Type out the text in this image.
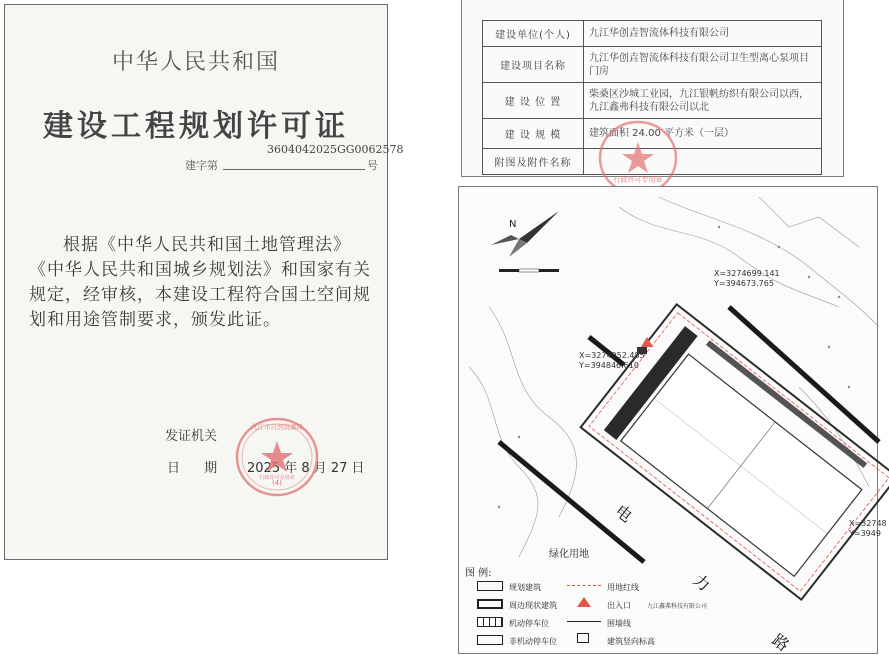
中华人民共和国
建设工程规划许可证
3604042025GG0062578
建字第	号
根据《中华人民共和国土地管理法》《中华人民共和国城乡规划法》和国家有关规定，经审核，本建设工程符合国土空间规划和用途管制要求，颁发此证。
发证机关
日 期 2025 年 8 月 27 日
(4)
九江市自然资源局
行政许可专用章
建设单位(个人)	九江华创垚智流体科技有限公司
建设项目名称	九江华创垚智流体科技有限公司卫生型离心泵项目门房
建 设 位 置	柴桑区沙城工业园，九江银帆纺织有限公司以西，九江鑫弗科技有限公司以北
建 设 规 模	建筑面积 24.00 平方米（一层）
附图及附件名称	
行政许可专用章
N
电
力
路
X=3274699.141
Y=394673.765
X=3274952.485
Y=394846.610
X=32748
Y=3949
绿化用地
图 例:
规划建筑
周边现状建筑
机动停车位
非机动停车位
用地红线
出入口
围墙线
建筑竖向标高
九江鑫弗科技有限公司
